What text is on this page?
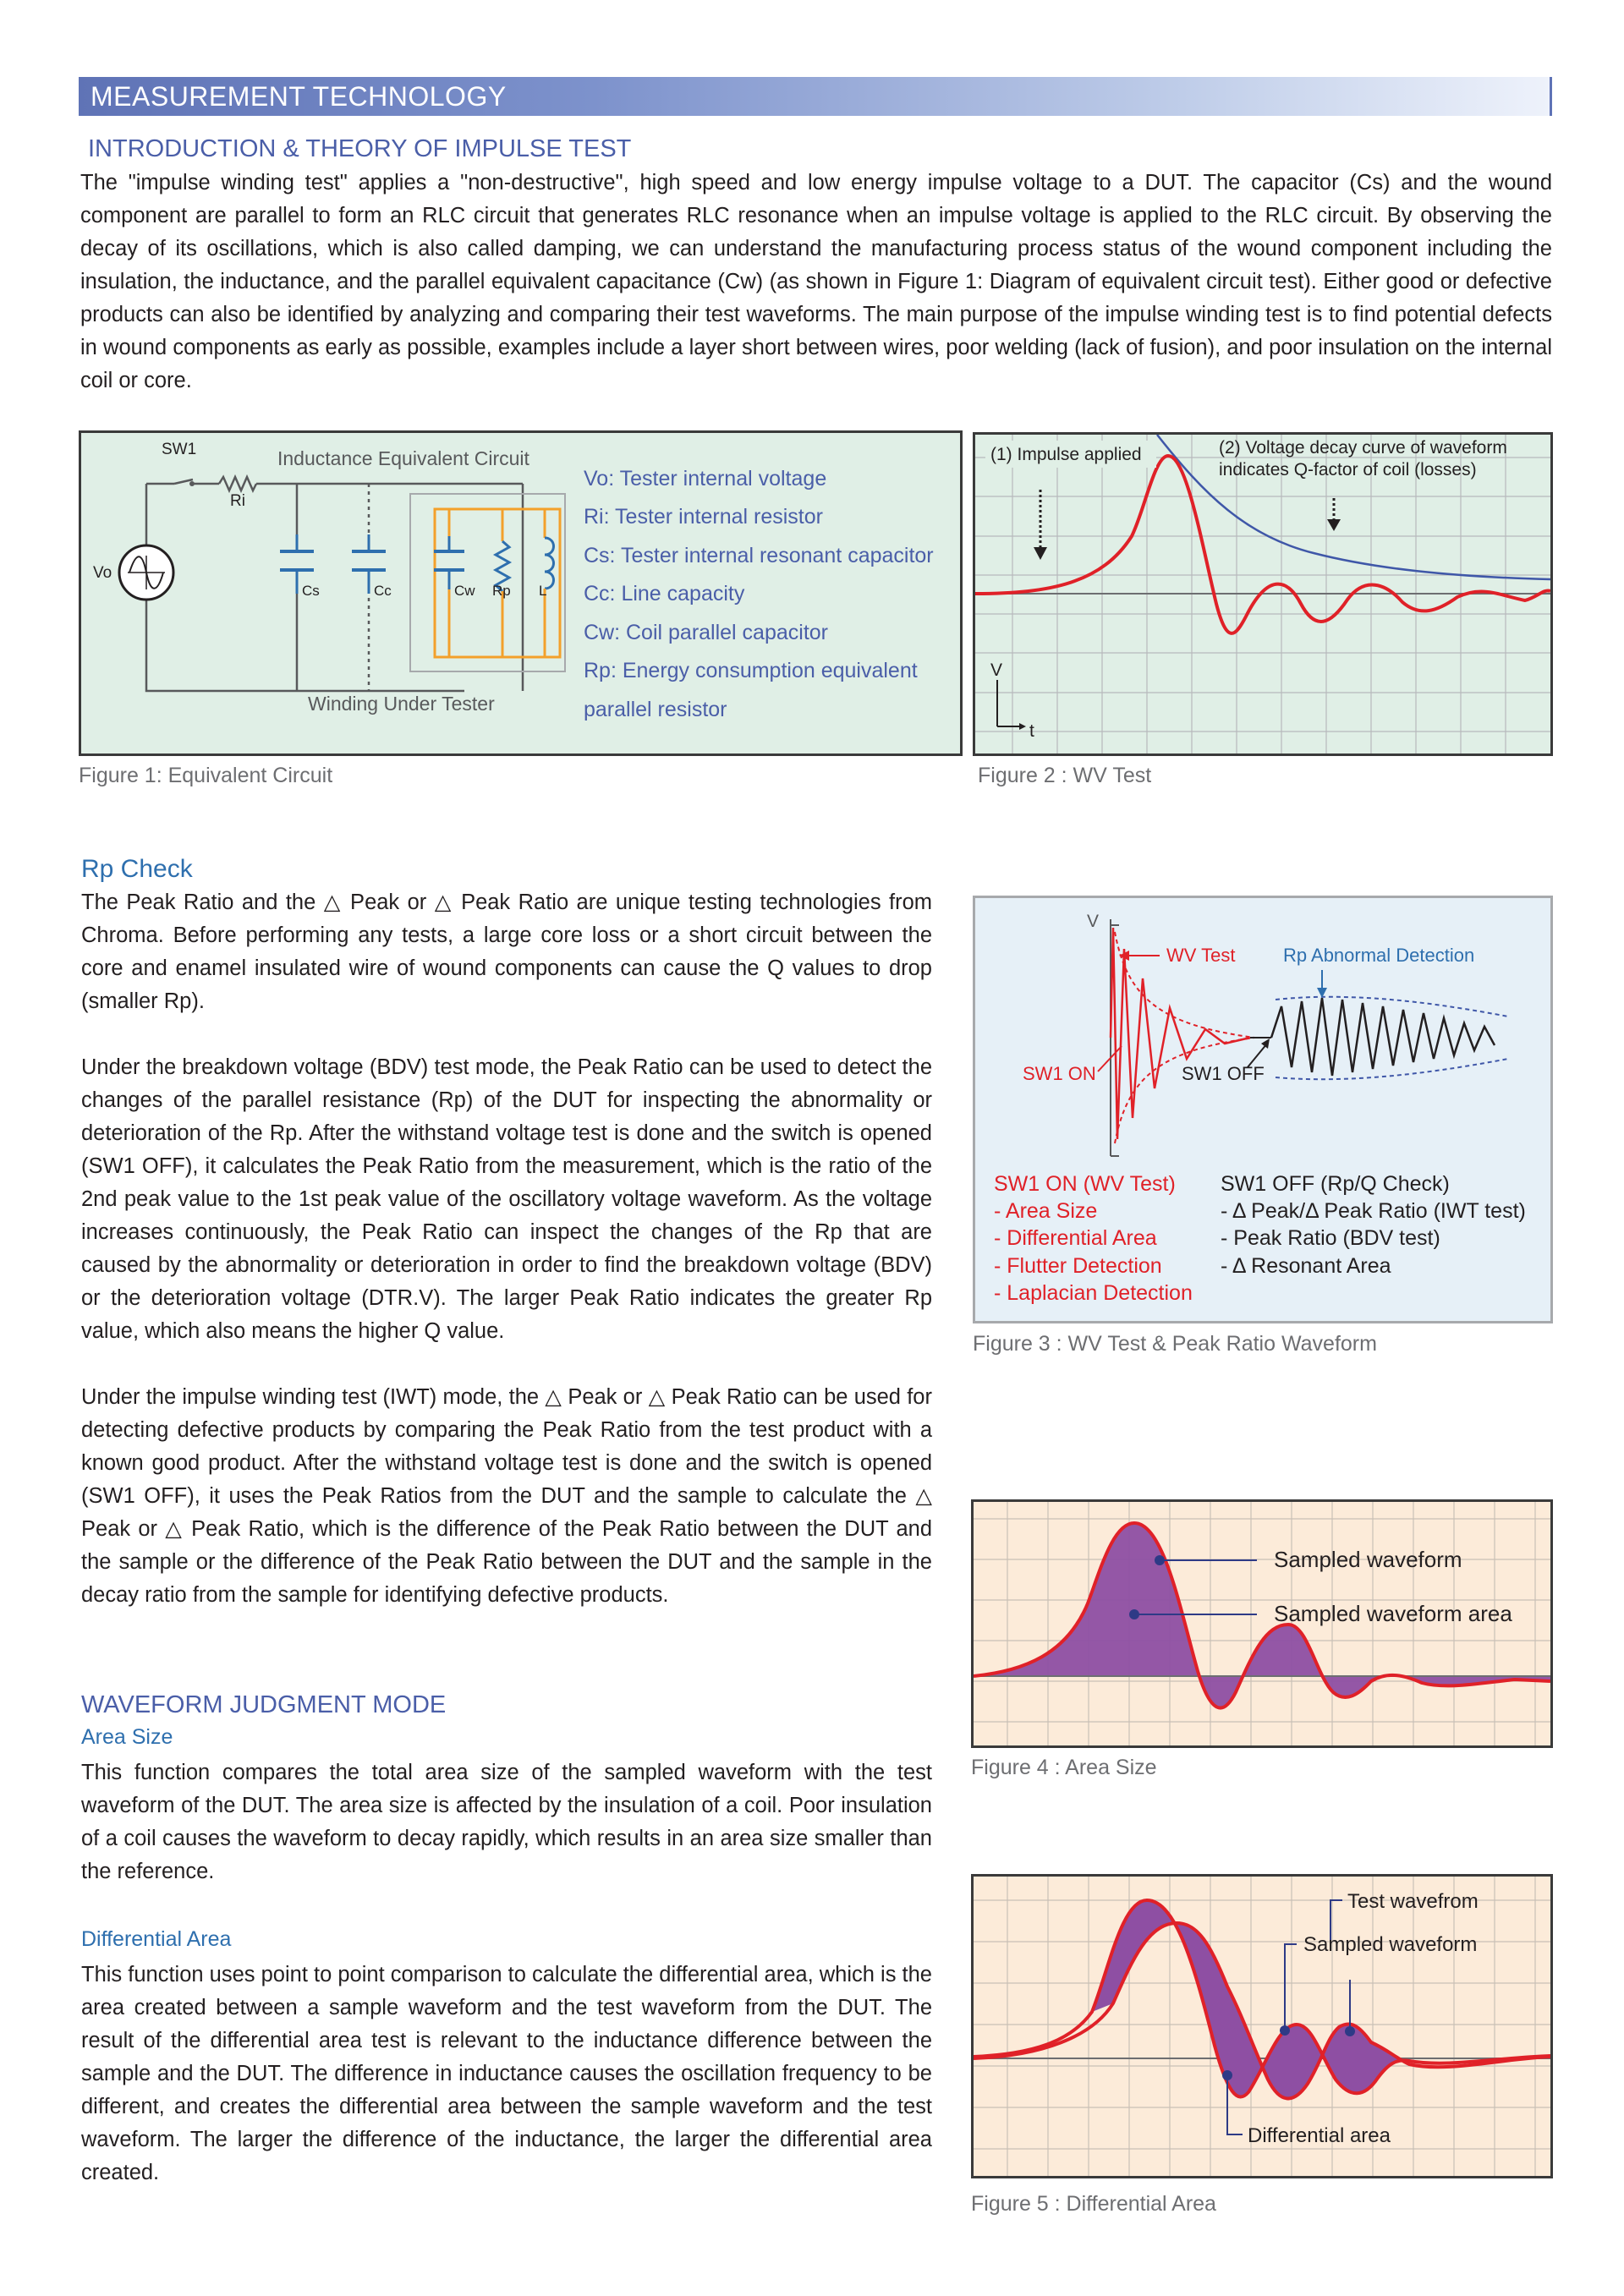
MEASUREMENT TECHNOLOGY
INTRODUCTION & THEORY OF IMPULSE TEST
The "impulse winding test" applies a "non-destructive", high speed and low energy impulse voltage to a DUT. The capacitor (Cs) and the wound component are parallel to form an RLC circuit that generates RLC resonance when an impulse voltage is applied to the RLC circuit. By observing the decay of its oscillations, which is also called damping, we can understand the manufacturing process status of the wound component including the insulation, the inductance, and the parallel equivalent capacitance (Cw) (as shown in Figure 1: Diagram of equivalent circuit test). Either good or defective products can also be identified by analyzing and comparing their test waveforms. The main purpose of the impulse winding test is to find potential defects in wound components as early as possible, examples include a layer short between wires, poor welding (lack of fusion), and poor insulation on the internal coil or core.
SW1
Ri
Vo
Cs	Cc	Cw Rp L
Inductance Equivalent Circuit
Winding Under Tester
Vo: Tester internal voltage
Ri: Tester internal resistor
Cs: Tester internal resonant capacitor
Cc: Line capacity
Cw: Coil parallel capacitor
Rp: Energy consumption equivalent
parallel resistor
Figure 1: Equivalent Circuit
V
t
(1) Impulse applied	(2) Voltage decay curve of waveform
indicates Q-factor of coil (losses)
Figure 2 : WV Test
Rp Check

The Peak Ratio and the △ Peak or △ Peak Ratio are unique testing technologies from Chroma. Before performing any tests, a large core loss or a short circuit between the core and enamel insulated wire of wound components can cause the Q values to drop (smaller Rp).

Under the breakdown voltage (BDV) test mode, the Peak Ratio can be used to detect the changes of the parallel resistance (Rp) of the DUT for inspecting the abnormality or deterioration of the Rp. After the withstand voltage test is done and the switch is opened (SW1 OFF), it calculates the Peak Ratio from the measurement, which is the ratio of the 2nd peak value to the 1st peak value of the oscillatory voltage waveform. As the voltage increases continuously, the Peak Ratio can inspect the changes of the Rp that are caused by the abnormality or deterioration in order to find the breakdown voltage (BDV) or the deterioration voltage (DTR.V). The larger Peak Ratio indicates the greater Rp value, which also means the higher Q value.

Under the impulse winding test (IWT) mode, the △ Peak or △ Peak Ratio can be used for detecting defective products by comparing the Peak Ratio from the test product with a known good product. After the withstand voltage test is done and the switch is opened (SW1 OFF), it uses the Peak Ratios from the DUT and the sample to calculate the △ Peak or △ Peak Ratio, which is the difference of the Peak Ratio between the DUT and the sample or the difference of the Peak Ratio between the DUT and the sample in the decay ratio from the sample for identifying defective products.

V
WV Test	Rp Abnormal Detection
SW1 ON	SW1 OFF
SW1 ON (WV Test)
- Area Size
- Differential Area
- Flutter Detection
- Laplacian Detection
SW1 OFF (Rp/Q Check)
- Δ Peak/Δ Peak Ratio (IWT test)
- Peak Ratio (BDV test)
- Δ Resonant Area
Figure 3 : WV Test & Peak Ratio Waveform
WAVEFORM JUDGMENT MODE
Area Size
This function compares the total area size of the sampled waveform with the test waveform of the DUT. The area size is affected by the insulation of a coil. Poor insulation of a coil causes the waveform to decay rapidly, which results in an area size smaller than the reference.
Differential Area
This function uses point to point comparison to calculate the differential area, which is the area created between a sample waveform and the test waveform from the DUT. The result of the differential area test is relevant to the inductance difference between the sample and the DUT. The difference in inductance causes the oscillation frequency to be different, and creates the differential area between the sample waveform and the test waveform. The larger the difference of the inductance, the larger the differential area created.
Sampled waveform
Sampled waveform area
Figure 4 : Area Size
Test wavefrom
Sampled waveform
Differential area
Figure 5 : Differential Area
